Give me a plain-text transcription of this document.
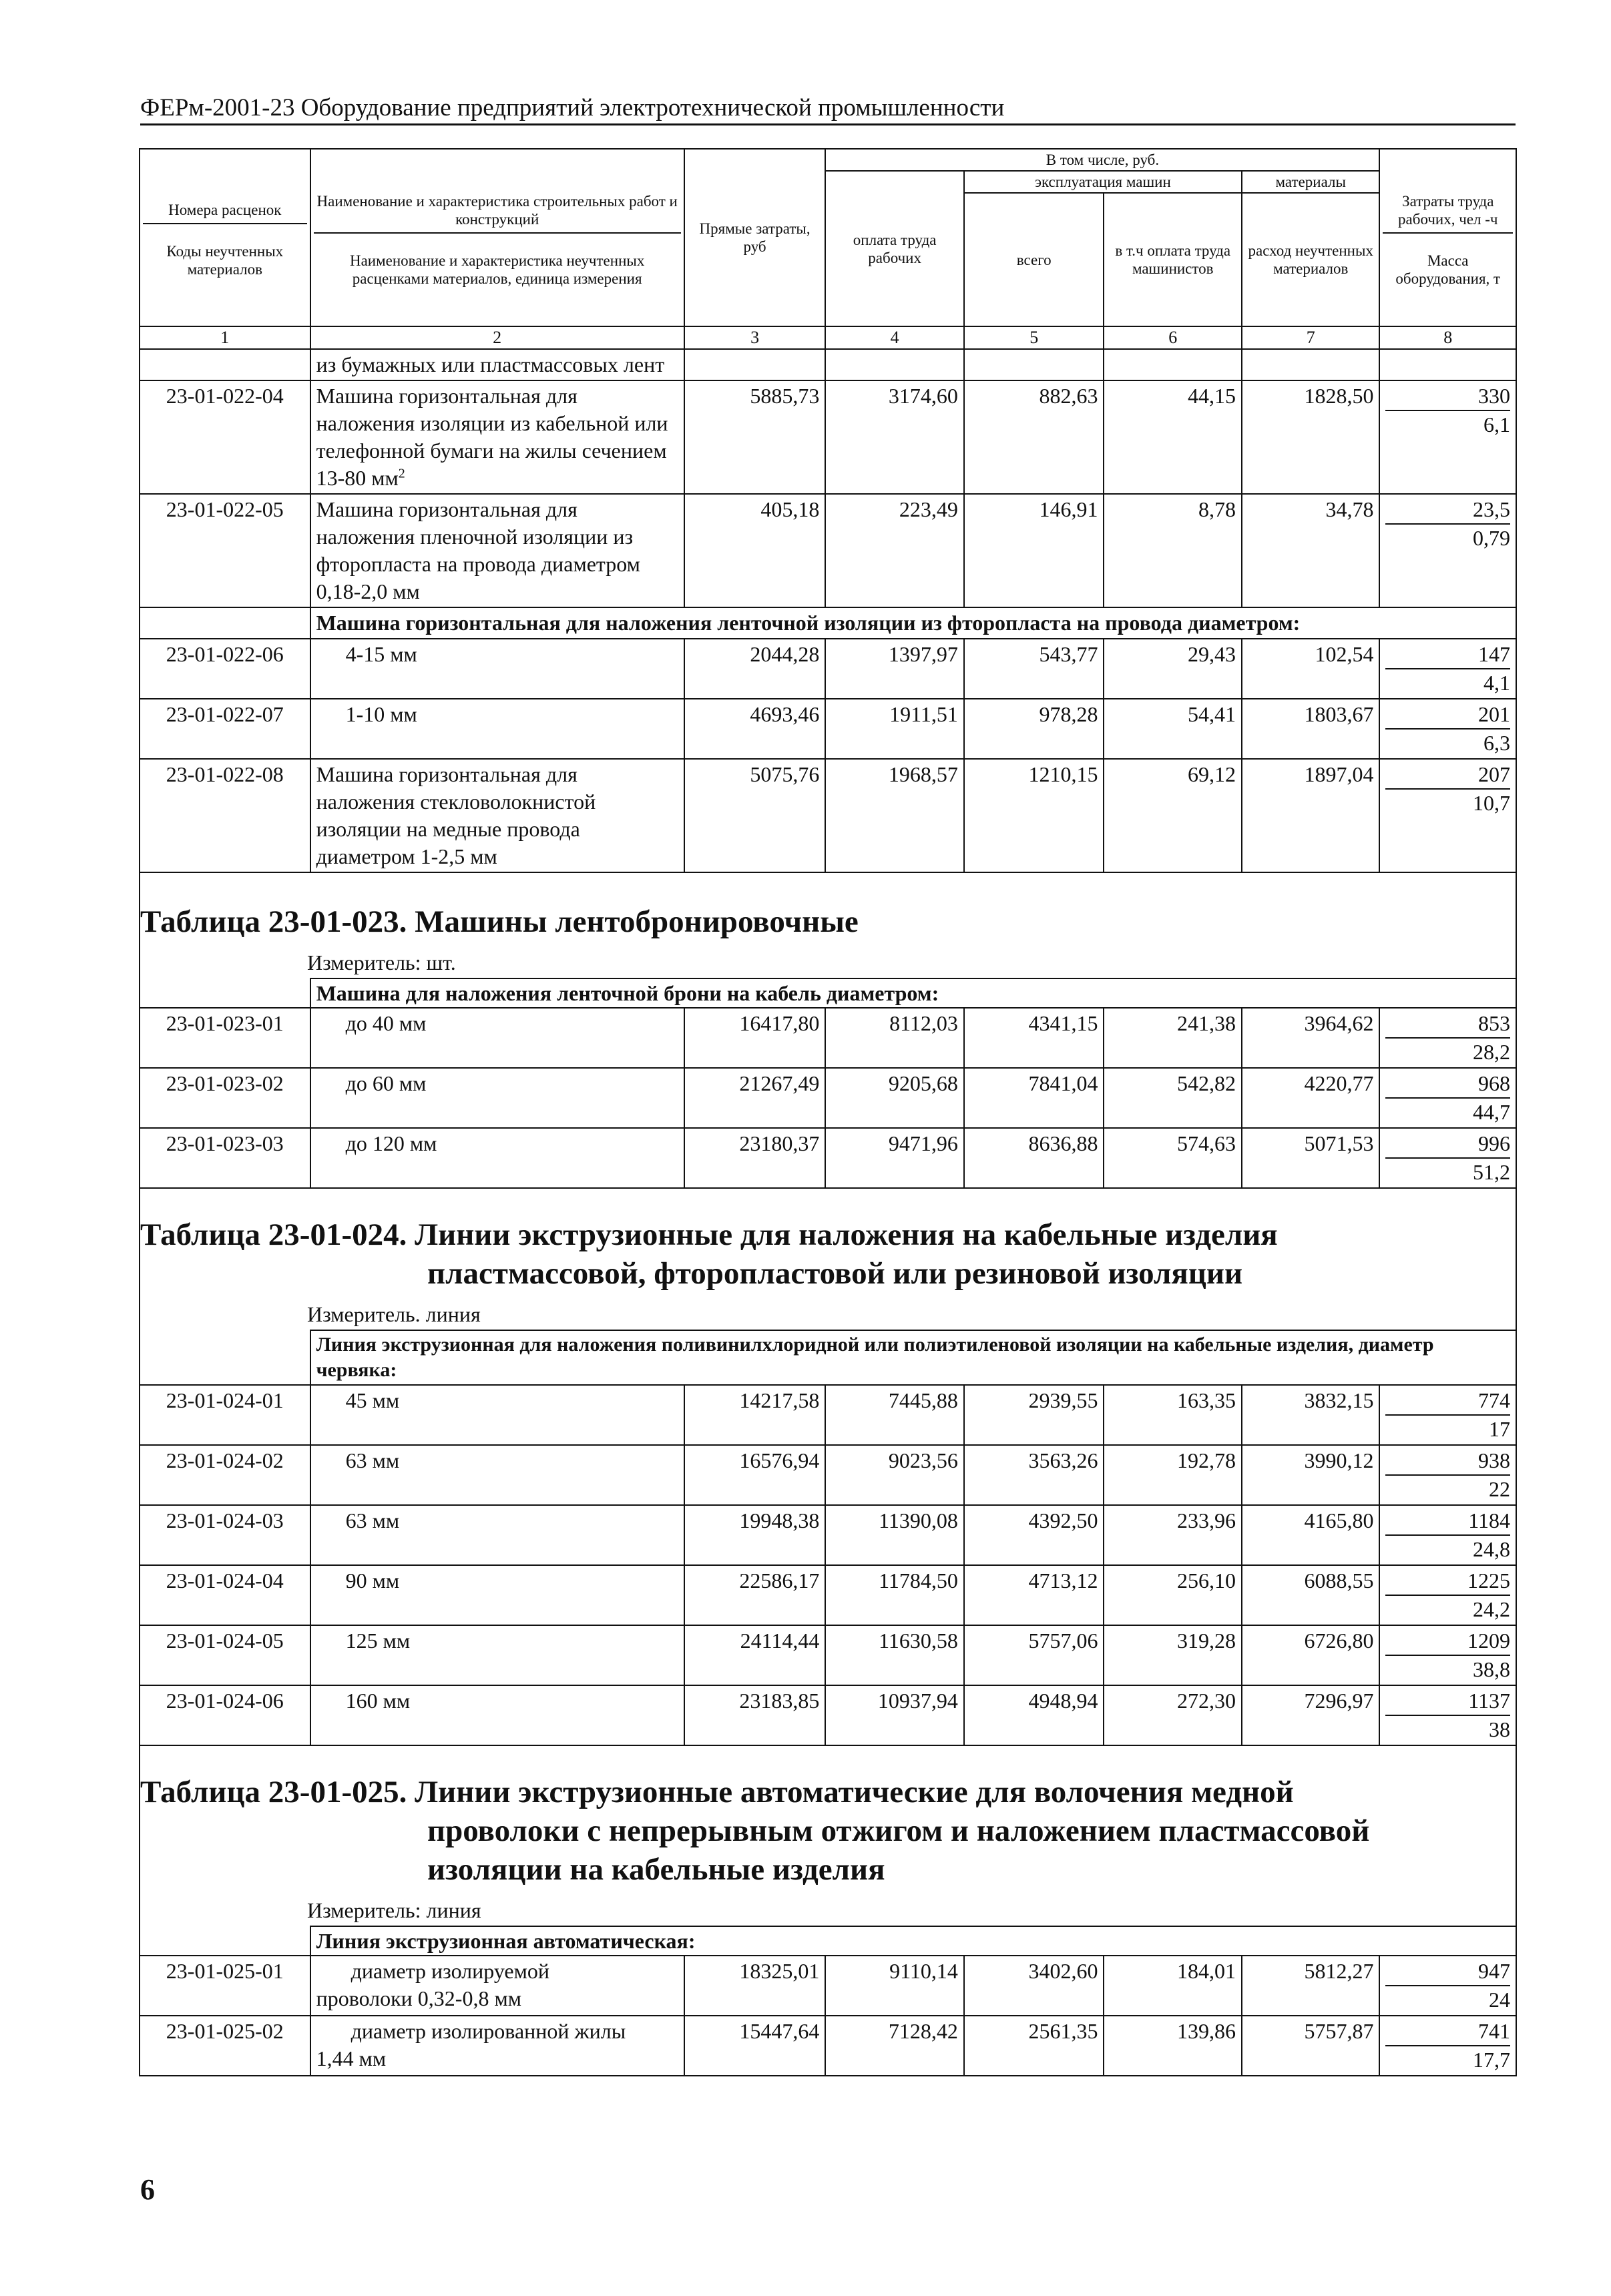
ФЕРм-2001-23 Оборудование предприятий электротехнической промышленности
Номера расценок

Коды неучтенных материалов	Наименование и характеристика строительных работ и конструкций

Наименование и характеристика неучтенных расценками материалов, единица измерения	Прямые затраты, руб	В том числе, руб.				Затраты труда рабочих, чел -ч

Масса оборудования, т
			оплата труда рабочих	эксплуатация машин		материалы	
				всего	в т.ч оплата труда машинистов	расход неучтенных материалов	
1	2	3	4	5	6	7	8
	из бумажных или пластмассовых лент						
23-01-022-04	Машина горизонтальная для наложения изоляции из кабельной или телефонной бумаги на жилы сечением 13-80 $мм^2$	5885,73	3174,60	882,63	44,15	1828,50	330
6,1

23-01-022-05	Машина горизонтальная для наложения пленочной изоляции из фторопласта на провода диаметром 0,18-2,0 мм	405,18	223,49	146,91	8,78	34,78	23,5
0,79

	Машина горизонтальная для наложения ленточной изоляции из фторопласта на провода диаметром:						
23-01-022-06	4-15 мм	2044,28	1397,97	543,77	29,43	102,54	147
4,1

23-01-022-07	1-10 мм	4693,46	1911,51	978,28	54,41	1803,67	201
6,3

23-01-022-08	Машина горизонтальная для наложения стекловолокнистой изоляции на медные провода диаметром 1-2,5 мм	5075,76	1968,57	1210,15	69,12	1897,04	207
10,7

Таблица 23-01-023. Машины лентобронировочные							
Измеритель: шт.							
	Машина для наложения ленточной брони на кабель диаметром:						
23-01-023-01	до 40 мм	16417,80	8112,03	4341,15	241,38	3964,62	853
28,2

23-01-023-02	до 60 мм	21267,49	9205,68	7841,04	542,82	4220,77	968
44,7

23-01-023-03	до 120 мм	23180,37	9471,96	8636,88	574,63	5071,53	996
51,2

Таблица 23-01-024. Линии экструзионные для наложения на кабельные изделия
пластмассовой, фторопластовой или резиновой изоляции							

Измеритель. линия							
	Линия экструзионная для наложения поливинилхлоридной или полиэтиленовой изоляции на кабельные изделия, диаметр червяка:						
23-01-024-01	45 мм	14217,58	7445,88	2939,55	163,35	3832,15	774
17

23-01-024-02	63 мм	16576,94	9023,56	3563,26	192,78	3990,12	938
22

23-01-024-03	63 мм	19948,38	11390,08	4392,50	233,96	4165,80	1184
24,8

23-01-024-04	90 мм	22586,17	11784,50	4713,12	256,10	6088,55	1225
24,2

23-01-024-05	125 мм	24114,44	11630,58	5757,06	319,28	6726,80	1209
38,8

23-01-024-06	160 мм	23183,85	10937,94	4948,94	272,30	7296,97	1137
38

Таблица 23-01-025. Линии экструзионные автоматические для волочения медной
проволоки с непрерывным отжигом и наложением пластмассовой
изоляции на кабельные изделия							

Измеритель: линия							
	Линия экструзионная автоматическая:						
23-01-025-01	диаметр изолируемой
проволоки 0,32-0,8 мм	18325,01	9110,14	3402,60	184,01	5812,27	947
24

23-01-025-02	диаметр изолированной жилы
1,44 мм	15447,64	7128,42	2561,35	139,86	5757,87	741
17,7
6
